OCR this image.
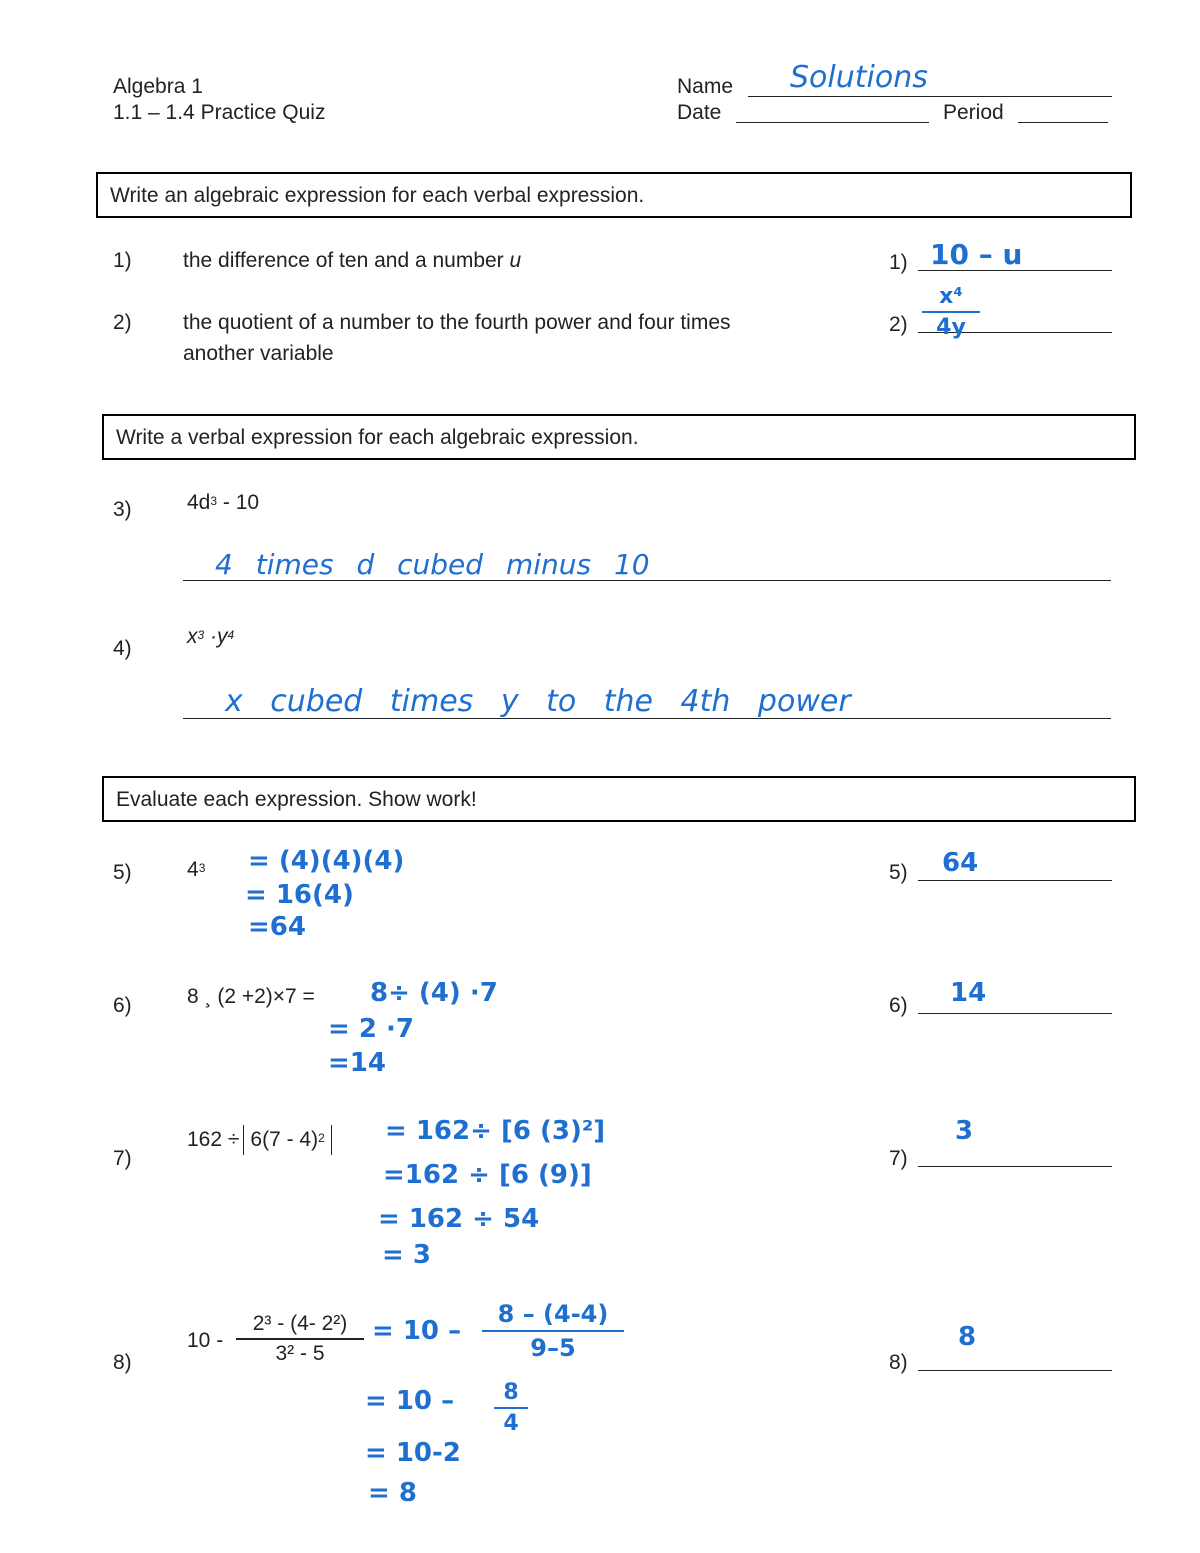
Algebra 1
1.1 – 1.4 Practice Quiz
Name Solutions
Date	Period
Write an algebraic expression for each verbal expression.
1) the difference of ten and a number u	1) 10 – u
2) the quotient of a number to the fourth power and four times
another variable
2)
x⁴
4y
Write a verbal expression for each algebraic expression.
3)	$4d^3 - 10$
4 times d cubed minus 10
4)
$x^3 \cdot y^4$
x cubed times y to the 4th power
Evaluate each expression. Show work!
5)	$4^3 = (4)(4)(4)$
= 16(4)
=64
5) 64
6)	8 ¸ (2 +2)×7 = 8÷ (4) ·7
= 2 ·7
=14
6) 14
7)
162 ÷ 6(7 - 4)$^2$ = 162÷ [6 (3)²]
=162 ÷ [6 (9)]
= 162 ÷ 54
= 3
7)
3
8)
10 -
2³ - (4- 2²)
3² - 5
= 10 –
8 – (4-4)
9–5
= 10 –	8
4
= 10-2
= 8
8)
8
